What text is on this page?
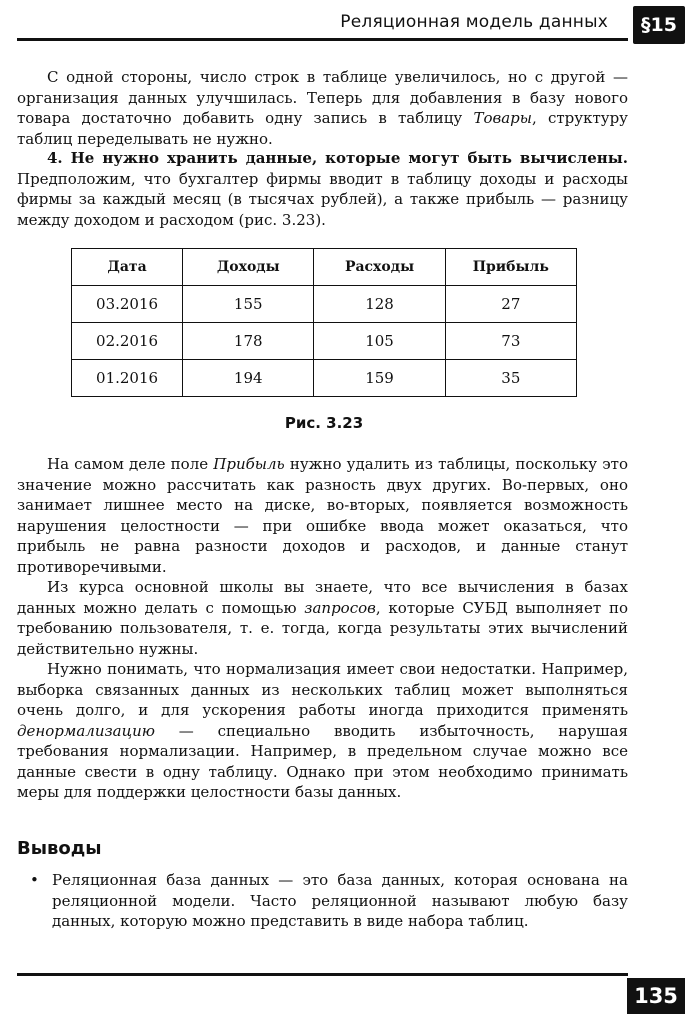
Реляционная модель данных	§15

С одной стороны, число строк в таблице увеличилось, но с другой — организация данных улучшилась. Теперь для добавления в базу нового товара достаточно добавить одну запись в таблицу Товары, структуру таблиц переделывать не нужно.

4. Не нужно хранить данные, которые могут быть вычислены. Предположим, что бухгалтер фирмы вводит в таблицу доходы и расходы фирмы за каждый месяц (в тысячах рублей), а также прибыль — разницу между доходом и расходом (рис. 3.23).

Дата	Доходы	Расходы	Прибыль
03.2016	155	128	27
02.2016	178	105	73
01.2016	194	159	35
Рис. 3.23

На самом деле поле Прибыль нужно удалить из таблицы, поскольку это значение можно рассчитать как разность двух других. Во-первых, оно занимает лишнее место на диске, во-вторых, появляется возможность нарушения целостности — при ошибке ввода может оказаться, что прибыль не равна разности доходов и расходов, и данные станут противоречивыми.

Из курса основной школы вы знаете, что все вычисления в базах данных можно делать с помощью запросов, которые СУБД выполняет по требованию пользователя, т. е. тогда, когда результаты этих вычислений действительно нужны.

Нужно понимать, что нормализация имеет свои недостатки. Например, выборка связанных данных из нескольких таблиц может выполняться очень долго, и для ускорения работы иногда приходится применять денормализацию — специально вводить избыточность, нарушая требования нормализации. Например, в предельном случае можно все данные свести в одну таблицу. Однако при этом необходимо принимать меры для поддержки целостности базы данных.

Выводы
• Реляционная база данных — это база данных, которая основана на реляционной модели. Часто реляционной называют любую базу данных, которую можно представить в виде набора таблиц.
135
